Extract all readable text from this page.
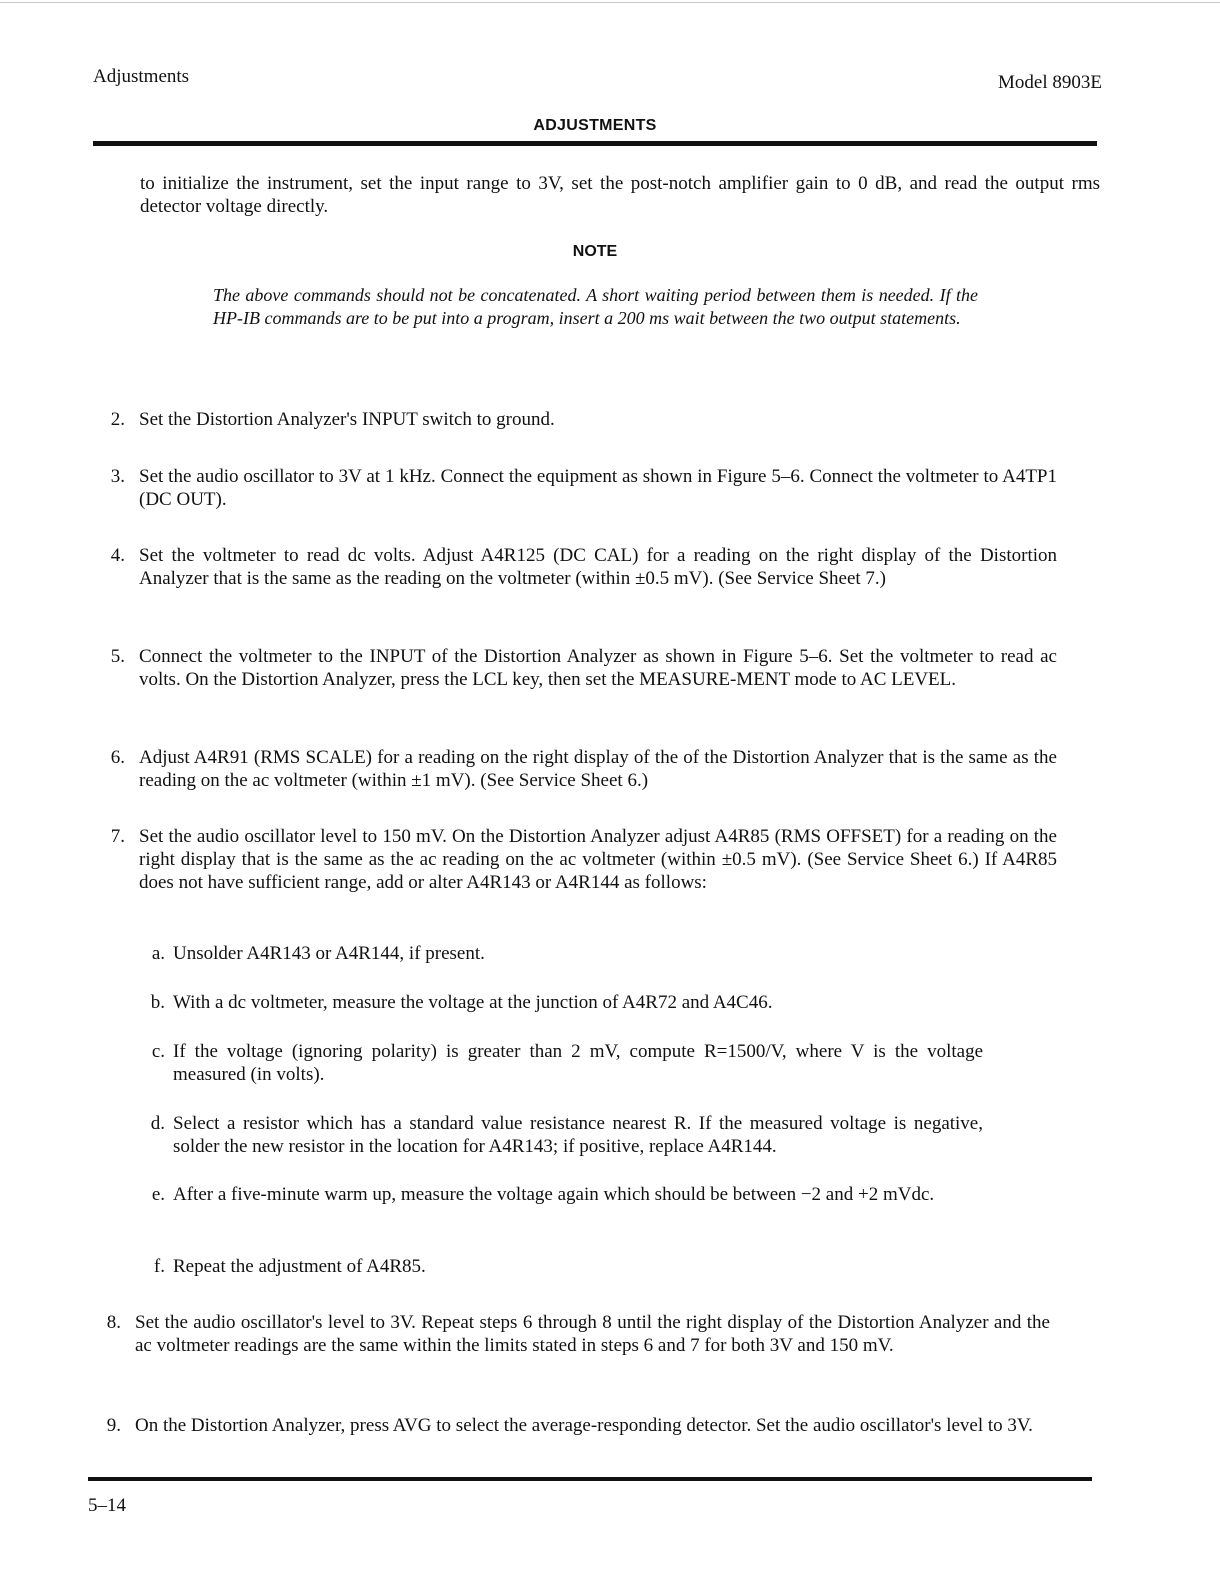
Adjustments	Model 8903E
ADJUSTMENTS
to initialize the instrument, set the input range to 3V, set the post-notch amplifier gain to 0 dB, and read the output rms detector voltage directly.
NOTE
The above commands should not be concatenated. A short waiting period between them is needed. If the HP-IB commands are to be put into a program, insert a 200 ms wait between the two output statements.
2. Set the Distortion Analyzer's INPUT switch to ground.
3. Set the audio oscillator to 3V at 1 kHz. Connect the equipment as shown in Figure 5–6. Connect the voltmeter to A4TP1 (DC OUT).
4. Set the voltmeter to read dc volts. Adjust A4R125 (DC CAL) for a reading on the right display of the Distortion Analyzer that is the same as the reading on the voltmeter (within ±0.5 mV). (See Service Sheet 7.)
5. Connect the voltmeter to the INPUT of the Distortion Analyzer as shown in Figure 5–6. Set the voltmeter to read ac volts. On the Distortion Analyzer, press the LCL key, then set the MEASURE-MENT mode to AC LEVEL.
6. Adjust A4R91 (RMS SCALE) for a reading on the right display of the of the Distortion Analyzer that is the same as the reading on the ac voltmeter (within ±1 mV). (See Service Sheet 6.)
7. Set the audio oscillator level to 150 mV. On the Distortion Analyzer adjust A4R85 (RMS OFFSET) for a reading on the right display that is the same as the ac reading on the ac voltmeter (within ±0.5 mV). (See Service Sheet 6.) If A4R85 does not have sufficient range, add or alter A4R143 or A4R144 as follows:
a. Unsolder A4R143 or A4R144, if present.
b. With a dc voltmeter, measure the voltage at the junction of A4R72 and A4C46.
c. If the voltage (ignoring polarity) is greater than 2 mV, compute R=1500/V, where V is the voltage measured (in volts).
d. Select a resistor which has a standard value resistance nearest R. If the measured voltage is negative, solder the new resistor in the location for A4R143; if positive, replace A4R144.
e. After a five-minute warm up, measure the voltage again which should be between −2 and +2 mVdc.
f. Repeat the adjustment of A4R85.
8. Set the audio oscillator's level to 3V. Repeat steps 6 through 8 until the right display of the Distortion Analyzer and the ac voltmeter readings are the same within the limits stated in steps 6 and 7 for both 3V and 150 mV.
9. On the Distortion Analyzer, press AVG to select the average-responding detector. Set the audio oscillator's level to 3V.
5–14
